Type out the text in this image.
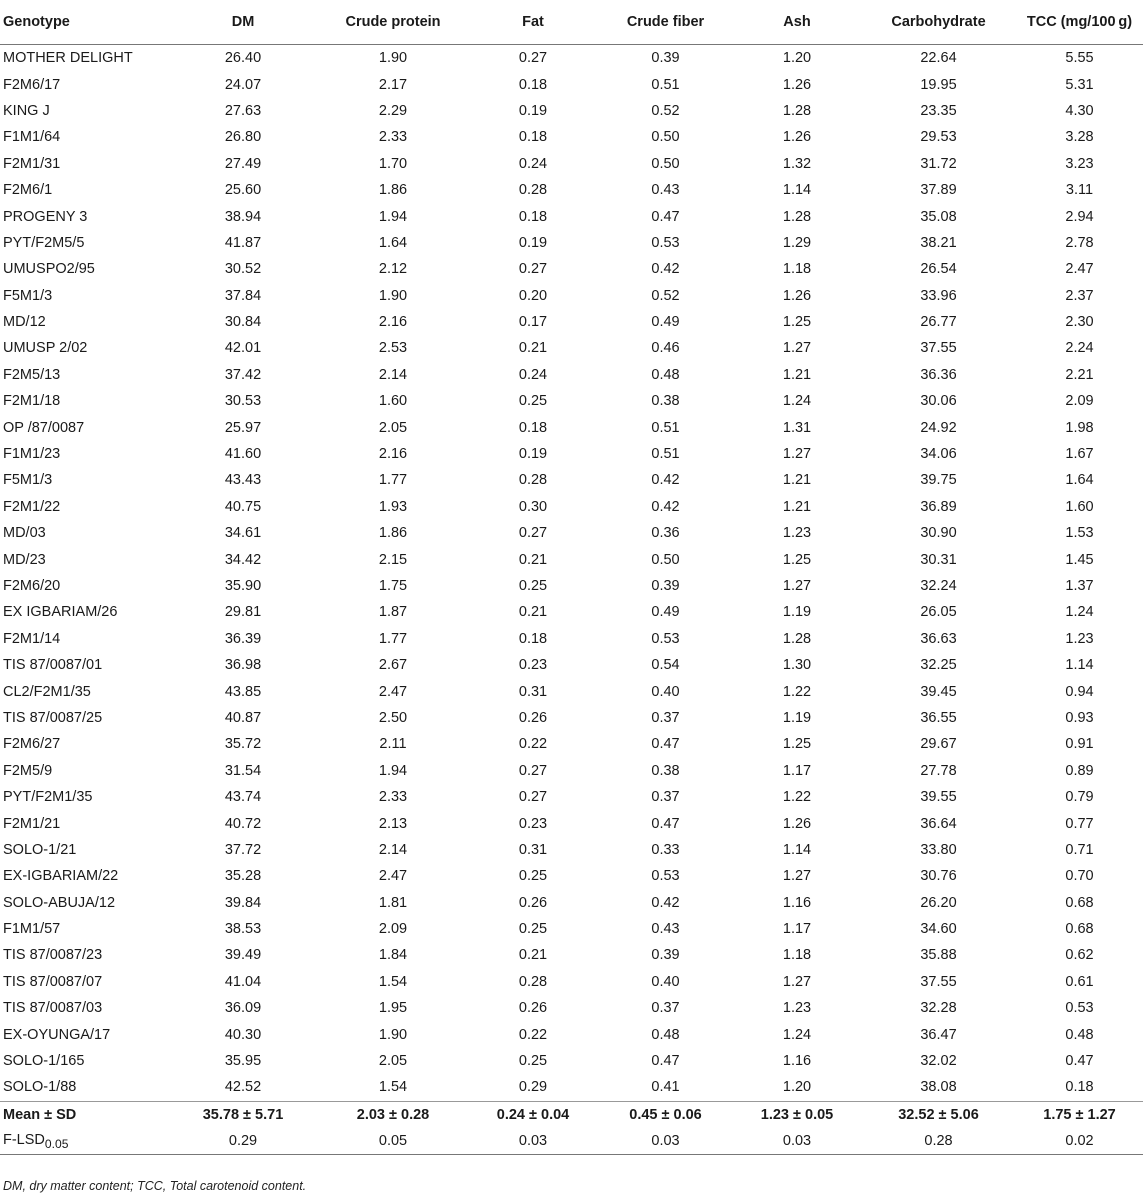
Genotype	DM	Crude protein	Fat	Crude fiber	Ash	Carbohydrate	TCC (mg/100 g)
MOTHER DELIGHT	26.40	1.90	0.27	0.39	1.20	22.64	5.55
F2M6/17	24.07	2.17	0.18	0.51	1.26	19.95	5.31
KING J	27.63	2.29	0.19	0.52	1.28	23.35	4.30
F1M1/64	26.80	2.33	0.18	0.50	1.26	29.53	3.28
F2M1/31	27.49	1.70	0.24	0.50	1.32	31.72	3.23
F2M6/1	25.60	1.86	0.28	0.43	1.14	37.89	3.11
PROGENY 3	38.94	1.94	0.18	0.47	1.28	35.08	2.94
PYT/F2M5/5	41.87	1.64	0.19	0.53	1.29	38.21	2.78
UMUSPO2/95	30.52	2.12	0.27	0.42	1.18	26.54	2.47
F5M1/3	37.84	1.90	0.20	0.52	1.26	33.96	2.37
MD/12	30.84	2.16	0.17	0.49	1.25	26.77	2.30
UMUSP 2/02	42.01	2.53	0.21	0.46	1.27	37.55	2.24
F2M5/13	37.42	2.14	0.24	0.48	1.21	36.36	2.21
F2M1/18	30.53	1.60	0.25	0.38	1.24	30.06	2.09
OP /87/0087	25.97	2.05	0.18	0.51	1.31	24.92	1.98
F1M1/23	41.60	2.16	0.19	0.51	1.27	34.06	1.67
F5M1/3	43.43	1.77	0.28	0.42	1.21	39.75	1.64
F2M1/22	40.75	1.93	0.30	0.42	1.21	36.89	1.60
MD/03	34.61	1.86	0.27	0.36	1.23	30.90	1.53
MD/23	34.42	2.15	0.21	0.50	1.25	30.31	1.45
F2M6/20	35.90	1.75	0.25	0.39	1.27	32.24	1.37
EX IGBARIAM/26	29.81	1.87	0.21	0.49	1.19	26.05	1.24
F2M1/14	36.39	1.77	0.18	0.53	1.28	36.63	1.23
TIS 87/0087/01	36.98	2.67	0.23	0.54	1.30	32.25	1.14
CL2/F2M1/35	43.85	2.47	0.31	0.40	1.22	39.45	0.94
TIS 87/0087/25	40.87	2.50	0.26	0.37	1.19	36.55	0.93
F2M6/27	35.72	2.11	0.22	0.47	1.25	29.67	0.91
F2M5/9	31.54	1.94	0.27	0.38	1.17	27.78	0.89
PYT/F2M1/35	43.74	2.33	0.27	0.37	1.22	39.55	0.79
F2M1/21	40.72	2.13	0.23	0.47	1.26	36.64	0.77
SOLO-1/21	37.72	2.14	0.31	0.33	1.14	33.80	0.71
EX-IGBARIAM/22	35.28	2.47	0.25	0.53	1.27	30.76	0.70
SOLO-ABUJA/12	39.84	1.81	0.26	0.42	1.16	26.20	0.68
F1M1/57	38.53	2.09	0.25	0.43	1.17	34.60	0.68
TIS 87/0087/23	39.49	1.84	0.21	0.39	1.18	35.88	0.62
TIS 87/0087/07	41.04	1.54	0.28	0.40	1.27	37.55	0.61
TIS 87/0087/03	36.09	1.95	0.26	0.37	1.23	32.28	0.53
EX-OYUNGA/17	40.30	1.90	0.22	0.48	1.24	36.47	0.48
SOLO-1/165	35.95	2.05	0.25	0.47	1.16	32.02	0.47
SOLO-1/88	42.52	1.54	0.29	0.41	1.20	38.08	0.18
Mean ± SD	35.78 ± 5.71	2.03 ± 0.28	0.24 ± 0.04	0.45 ± 0.06	1.23 ± 0.05	32.52 ± 5.06	1.75 ± 1.27
$F-LSD_{0.05}$	0.29	0.05	0.03	0.03	0.03	0.28	0.02
DM, dry matter content; TCC, Total carotenoid content.
